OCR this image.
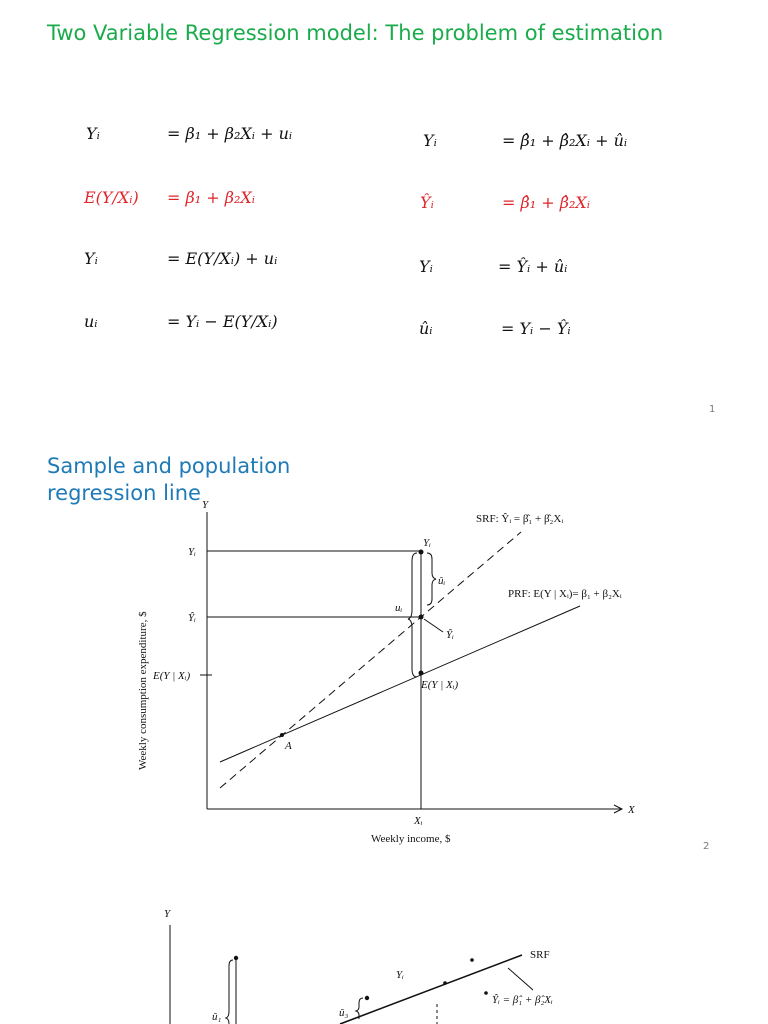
Two Variable Regression model: The problem of estimation
Yᵢ	= β₁ + β₂Xᵢ + uᵢ
E(Y/Xᵢ) = β₁ + β₂Xᵢ
Yᵢ	= E(Y/Xᵢ) + uᵢ
uᵢ	= Yᵢ − E(Y/Xᵢ)
Yᵢ	= β̂₁ + β̂₂Xᵢ + ûᵢ
Ŷᵢ	= β̂₁ + β̂₂Xᵢ
Yᵢ	= Ŷᵢ + ûᵢ
ûᵢ	= Yᵢ − Ŷᵢ
1
Sample and population
regression line Y
X
Yᵢ
Ŷᵢ
E(Y | Xᵢ)
Xᵢ
Weekly income, $
Weekly consumption expenditure, $
SRF: Ŷᵢ = β̂₁ + β̂₂Xᵢ
PRF: E(Y | Xᵢ)= β₁ + β₂Xᵢ
Yᵢ
ûᵢ
uᵢ
Ŷᵢ
E(Y | Xᵢ)
A
2
Y
SRF
Yᵢ
Ŷᵢ = β̂₁ + β̂₂Xᵢ
û₁	û₃
